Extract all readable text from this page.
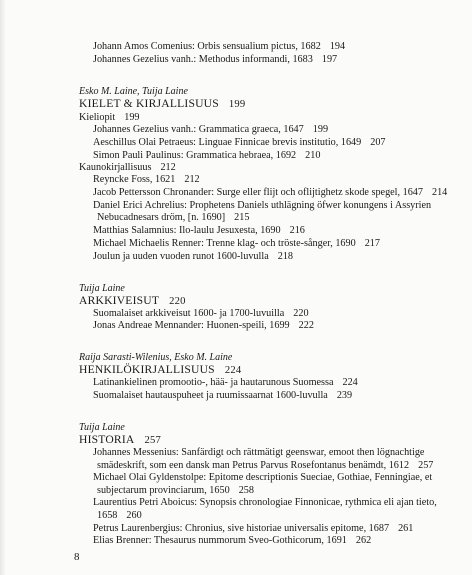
Johann Amos Comenius: Orbis sensualium pictus, 1682 194
Johannes Gezelius vanh.: Methodus informandi, 1683 197
Esko M. Laine, Tuija Laine
KIELET & KIRJALLISUUS 199
Kieliopit 199
Johannes Gezelius vanh.: Grammatica graeca, 1647 199
Aeschillus Olai Petraeus: Linguae Finnicae brevis institutio, 1649 207
Simon Pauli Paulinus: Grammatica hebraea, 1692 210
Kaunokirjallisuus 212
Reyncke Foss, 1621 212
Jacob Pettersson Chronander: Surge eller flijt och oflijtighetz skode spegel, 1647 214
Daniel Erici Achrelius: Prophetens Daniels uthlägning öfwer konungens i Assyrien
Nebucadnesars dröm, [n. 1690] 215
Matthias Salamnius: Ilo-laulu Jesuxesta, 1690 216
Michael Michaelis Renner: Trenne klag- och tröste-sånger, 1690 217
Joulun ja uuden vuoden runot 1600-luvulla 218
Tuija Laine
ARKKIVEISUT 220
Suomalaiset arkkiveisut 1600- ja 1700-luvuilla 220
Jonas Andreae Mennander: Huonen-speili, 1699 222
Raija Sarasti-Wilenius, Esko M. Laine
HENKILÖKIRJALLISUUS 224
Latinankielinen promootio-, hää- ja hautarunous Suomessa 224
Suomalaiset hautauspuheet ja ruumissaarnat 1600-luvulla 239
Tuija Laine
HISTORIA 257
Johannes Messenius: Sanfärdigt och rättmätigt geenswar, emoot then lögnachtige
smädeskrift, som een dansk man Petrus Parvus Rosefontanus benämdt, 1612 257
Michael Olai Gyldenstolpe: Epitome descriptionis Sueciae, Gothiae, Fenningiae, et
subjectarum provinciarum, 1650 258
Laurentius Petri Aboicus: Synopsis chronologiae Finnonicae, rythmica eli ajan tieto,
1658 260
Petrus Laurenbergius: Chronius, sive historiae universalis epitome, 1687 261
Elias Brenner: Thesaurus nummorum Sveo-Gothicorum, 1691 262
8
